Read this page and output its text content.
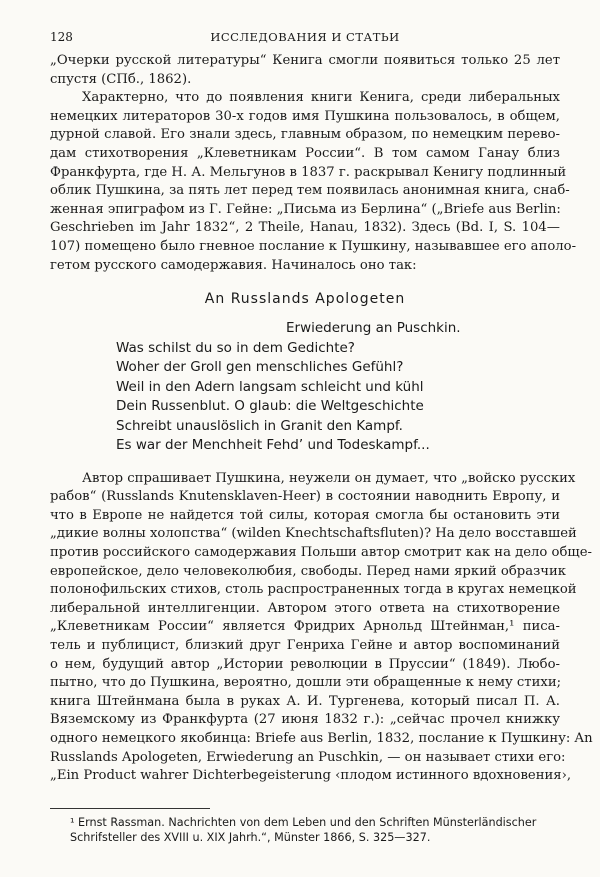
128	ИССЛЕДОВАНИЯ И СТАТЬИ

„Очерки русской литературы“ Кенига смогли появиться только 25 лет
спустя (СПб., 1862).

Характерно, что до появления книги Кенига, среди либеральных
немецких литераторов 30-х годов имя Пушкина пользовалось, в общем,
дурной славой. Его знали здесь, главным образом, по немецким перево-
дам стихотворения „Клеветникам России“. В том самом Ганау близ
Франкфурта, где Н. А. Мельгунов в 1837 г. раскрывал Кенигу подлинный
облик Пушкина, за пять лет перед тем появилась анонимная книга, снаб-
женная эпиграфом из Г. Гейне: „Письма из Берлина“ („Briefe aus Berlin:
Geschrieben im Jahr 1832“, 2 Theile, Hanau, 1832). Здесь (Bd. I, S. 104—
107) помещено было гневное послание к Пушкину, называвшее его аполо-
гетом русского самодержавия. Начиналось оно так:

An Russlands Apologeten
Erwiederung an Puschkin.
Was schilst du so in dem Gedichte?
Woher der Groll gen menschliches Gefühl?
Weil in den Adern langsam schleicht und kühl
Dein Russenblut. O glaub: die Weltgeschichte
Schreibt unauslöslich in Granit den Kampf.
Es war der Menchheit Fehd’ und Todeskampf...

Автор спрашивает Пушкина, неужели он думает, что „войско русских
рабов“ (Russlands Knutensklaven-Heer) в состоянии наводнить Европу, и
что в Европе не найдется той силы, которая смогла бы остановить эти
„дикие волны холопства“ (wilden Knechtschaftsfluten)? На дело восставшей
против российского самодержавия Польши автор смотрит как на дело обще-
европейское, дело человеколюбия, свободы. Перед нами яркий образчик
полонофильских стихов, столь распространенных тогда в кругах немецкой
либеральной интеллигенции. Автором этого ответа на стихотворение
„Клеветникам России“ является Фридрих Арнольд Штейнман,¹ писа-
тель и публицист, близкий друг Генриха Гейне и автор воспоминаний
о нем, будущий автор „Истории революции в Пруссии“ (1849). Любо-
пытно, что до Пушкина, вероятно, дошли эти обращенные к нему стихи;
книга Штейнмана была в руках А. И. Тургенева, который писал П. А.
Вяземскому из Франкфурта (27 июня 1832 г.): „сейчас прочел книжку
одного немецкого якобинца: Briefe aus Berlin, 1832, послание к Пушкину: An
Russlands Apologeten, Erwiederung an Puschkin, — он называет стихи его:
„Ein Product wahrer Dichterbegeisterung ‹плодом истинного вдохновения›,

¹ Ernst Rassman. Nachrichten von dem Leben und den Schriften Münsterländischer
Schrifsteller des XVIII u. XIX Jahrh.“, Münster 1866, S. 325—327.
